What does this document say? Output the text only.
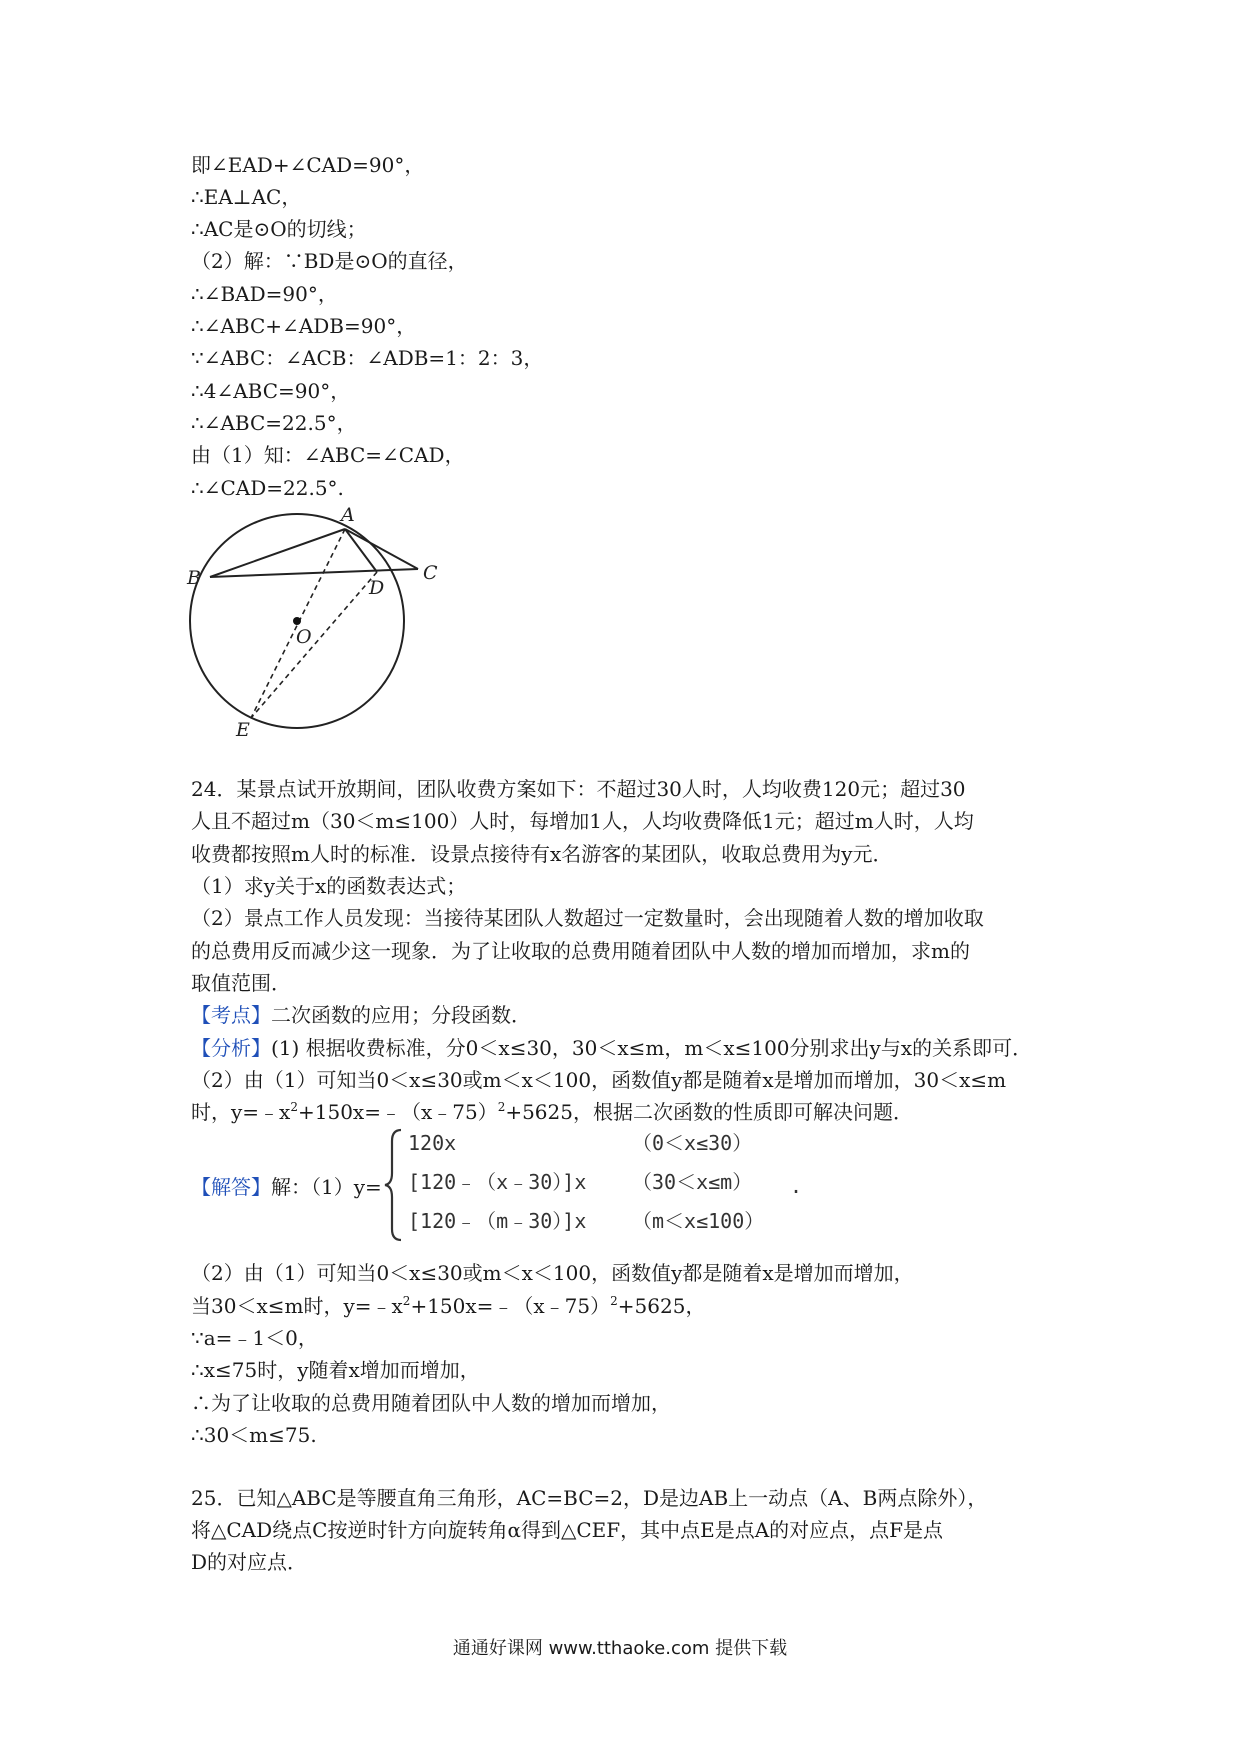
即∠EAD+∠CAD=90°，
∴EA⊥AC，
∴AC是⊙O的切线；
（2）解：∵BD是⊙O的直径，
∴∠BAD=90°，
∴∠ABC+∠ADB=90°，
∵∠ABC：∠ACB：∠ADB=1：2：3，
∴4∠ABC=90°，
∴∠ABC=22.5°，
由（1）知：∠ABC=∠CAD，
∴∠CAD=22.5°.
A
B	C
D
O
E
24．某景点试开放期间，团队收费方案如下：不超过30人时，人均收费120元；超过30
人且不超过m（30＜m≤100）人时，每增加1人，人均收费降低1元；超过m人时，人均
收费都按照m人时的标准．设景点接待有x名游客的某团队，收取总费用为y元．
（1）求y关于x的函数表达式；
（2）景点工作人员发现：当接待某团队人数超过一定数量时，会出现随着人数的增加收取
的总费用反而减少这一现象．为了让收取的总费用随着团队中人数的增加而增加，求m的
取值范围．
【考点】二次函数的应用；分段函数．
【分析】(1) 根据收费标准，分0＜x≤30，30＜x≤m，m＜x≤100分别求出y与x的关系即可．
（2）由（1）可知当0＜x≤30或m＜x＜100，函数值y都是随着x是增加而增加，30＜x≤m
时，$y=﹣x^2+150x=﹣(x﹣75)^2+5625$，根据二次函数的性质即可解决问题．
【解答】解：（1）y=
120x	（0＜x≤30）
[120﹣（x﹣30）]x （30＜x≤m）
[120﹣（m﹣30）]x （m＜x≤100）
.
（2）由（1）可知当0＜x≤30或m＜x＜100，函数值y都是随着x是增加而增加，
当30＜x≤m时，$y=﹣x^2+150x=﹣(x﹣75)^2+5625$，
∵a=﹣1＜0，
∴x≤75时，y随着x增加而增加，
∴为了让收取的总费用随着团队中人数的增加而增加，
∴30＜m≤75.
25．已知△ABC是等腰直角三角形，AC=BC=2，D是边AB上一动点（A、B两点除外），
将△CAD绕点C按逆时针方向旋转角α得到△CEF，其中点E是点A的对应点，点F是点
D的对应点．
通通好课网 www.tthaoke.com 提供下载
